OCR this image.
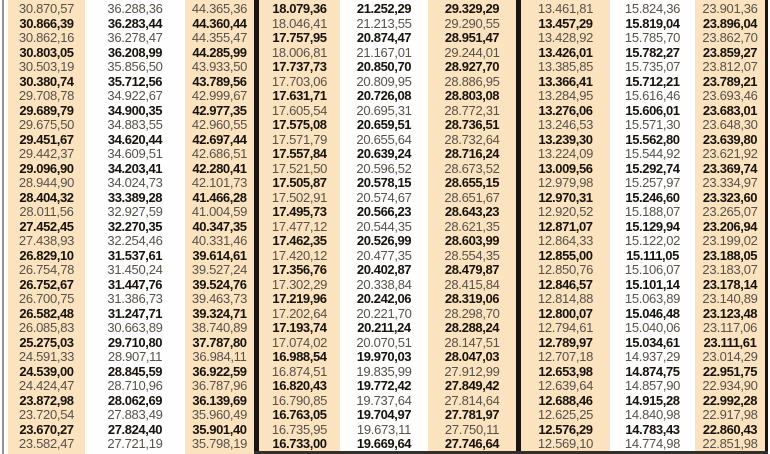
30.870,57
30.866,39
30.862,16
30.803,05
30.503,19
30.380,74
29.708,78
29.689,79
29.675,50
29.451,67
29.442,37
29.096,90
28.944,90
28.404,32
28.011,56
27.452,45
27.438,93
26.829,10
26.754,78
26.752,67
26.700,75
26.582,48
26.085,83
25.275,03
24.591,33
24.539,00
24.424,47
23.872,98
23.720,54
23.670,27
23.582,47
36.288,36
36.283,44
36.278,47
36.208,99
35.856,50
35.712,56
34.922,67
34.900,35
34.883,55
34.620,44
34.609,51
34.203,41
34.024,73
33.389,28
32.927,59
32.270,35
32.254,46
31.537,61
31.450,24
31.447,76
31.386,73
31.247,71
30.663,89
29.710,80
28.907,11
28.845,59
28.710,96
28.062,69
27.883,49
27.824,40
27.721,19
44.365,36
44.360,44
44.355,47
44.285,99
43.933,50
43.789,56
42.999,67
42.977,35
42.960,55
42.697,44
42.686,51
42.280,41
42.101,73
41.466,28
41.004,59
40.347,35
40.331,46
39.614,61
39.527,24
39.524,76
39.463,73
39.324,71
38.740,89
37.787,80
36.984,11
36.922,59
36.787,96
36.139,69
35.960,49
35.901,40
35.798,19
18.079,36
18.046,41
17.757,95
18.006,81
17.737,73
17.703,06
17.631,71
17.605,54
17.575,08
17.571,79
17.557,84
17.521,50
17.505,87
17.502,91
17.495,73
17.477,12
17.462,35
17.420,12
17.356,76
17.302,29
17.219,96
17.202,64
17.193,74
17.074,02
16.988,54
16.874,51
16.820,43
16.790,85
16.763,05
16.735,95
16.733,00
21.252,29
21.213,55
20.874,47
21.167,01
20.850,70
20.809,95
20.726,08
20.695,31
20.659,51
20.655,64
20.639,24
20.596,52
20.578,15
20.574,67
20.566,23
20.544,35
20.526,99
20.477,35
20.402,87
20.338,84
20.242,06
20.221,70
20.211,24
20.070,51
19.970,03
19.835,99
19.772,42
19.737,64
19.704,97
19.673,11
19.669,64
29.329,29
29.290,55
28.951,47
29.244,01
28.927,70
28.886,95
28.803,08
28.772,31
28.736,51
28.732,64
28.716,24
28.673,52
28.655,15
28.651,67
28.643,23
28.621,35
28.603,99
28.554,35
28.479,87
28.415,84
28.319,06
28.298,70
28.288,24
28.147,51
28.047,03
27.912,99
27.849,42
27.814,64
27.781,97
27.750,11
27.746,64
13.461,81
13.457,29
13.428,92
13.426,01
13.385,85
13.366,41
13.284,95
13.276,06
13.246,53
13.239,30
13.224,09
13.009,56
12.979,98
12.970,31
12.920,52
12.871,07
12.864,33
12.855,00
12.850,76
12.846,57
12.814,88
12.800,07
12.794,61
12.789,97
12.707,18
12.653,98
12.639,64
12.688,46
12.625,25
12.576,29
12.569,10
15.824,36
15.819,04
15.785,70
15.782,27
15.735,07
15.712,21
15.616,46
15.606,01
15.571,30
15.562,80
15.544,92
15.292,74
15.257,97
15.246,60
15.188,07
15.129,94
15.122,02
15.111,05
15.106,07
15.101,14
15.063,89
15.046,48
15.040,06
15.034,61
14.937,29
14.874,75
14.857,90
14.915,28
14.840,98
14.783,43
14.774,98
23.901,36
23.896,04
23.862,70
23.859,27
23.812,07
23.789,21
23.693,46
23.683,01
23.648,30
23.639,80
23.621,92
23.369,74
23.334,97
23.323,60
23.265,07
23.206,94
23.199,02
23.188,05
23.183,07
23.178,14
23.140,89
23.123,48
23.117,06
23.111,61
23.014,29
22.951,75
22.934,90
22.992,28
22.917,98
22.860,43
22.851,98
